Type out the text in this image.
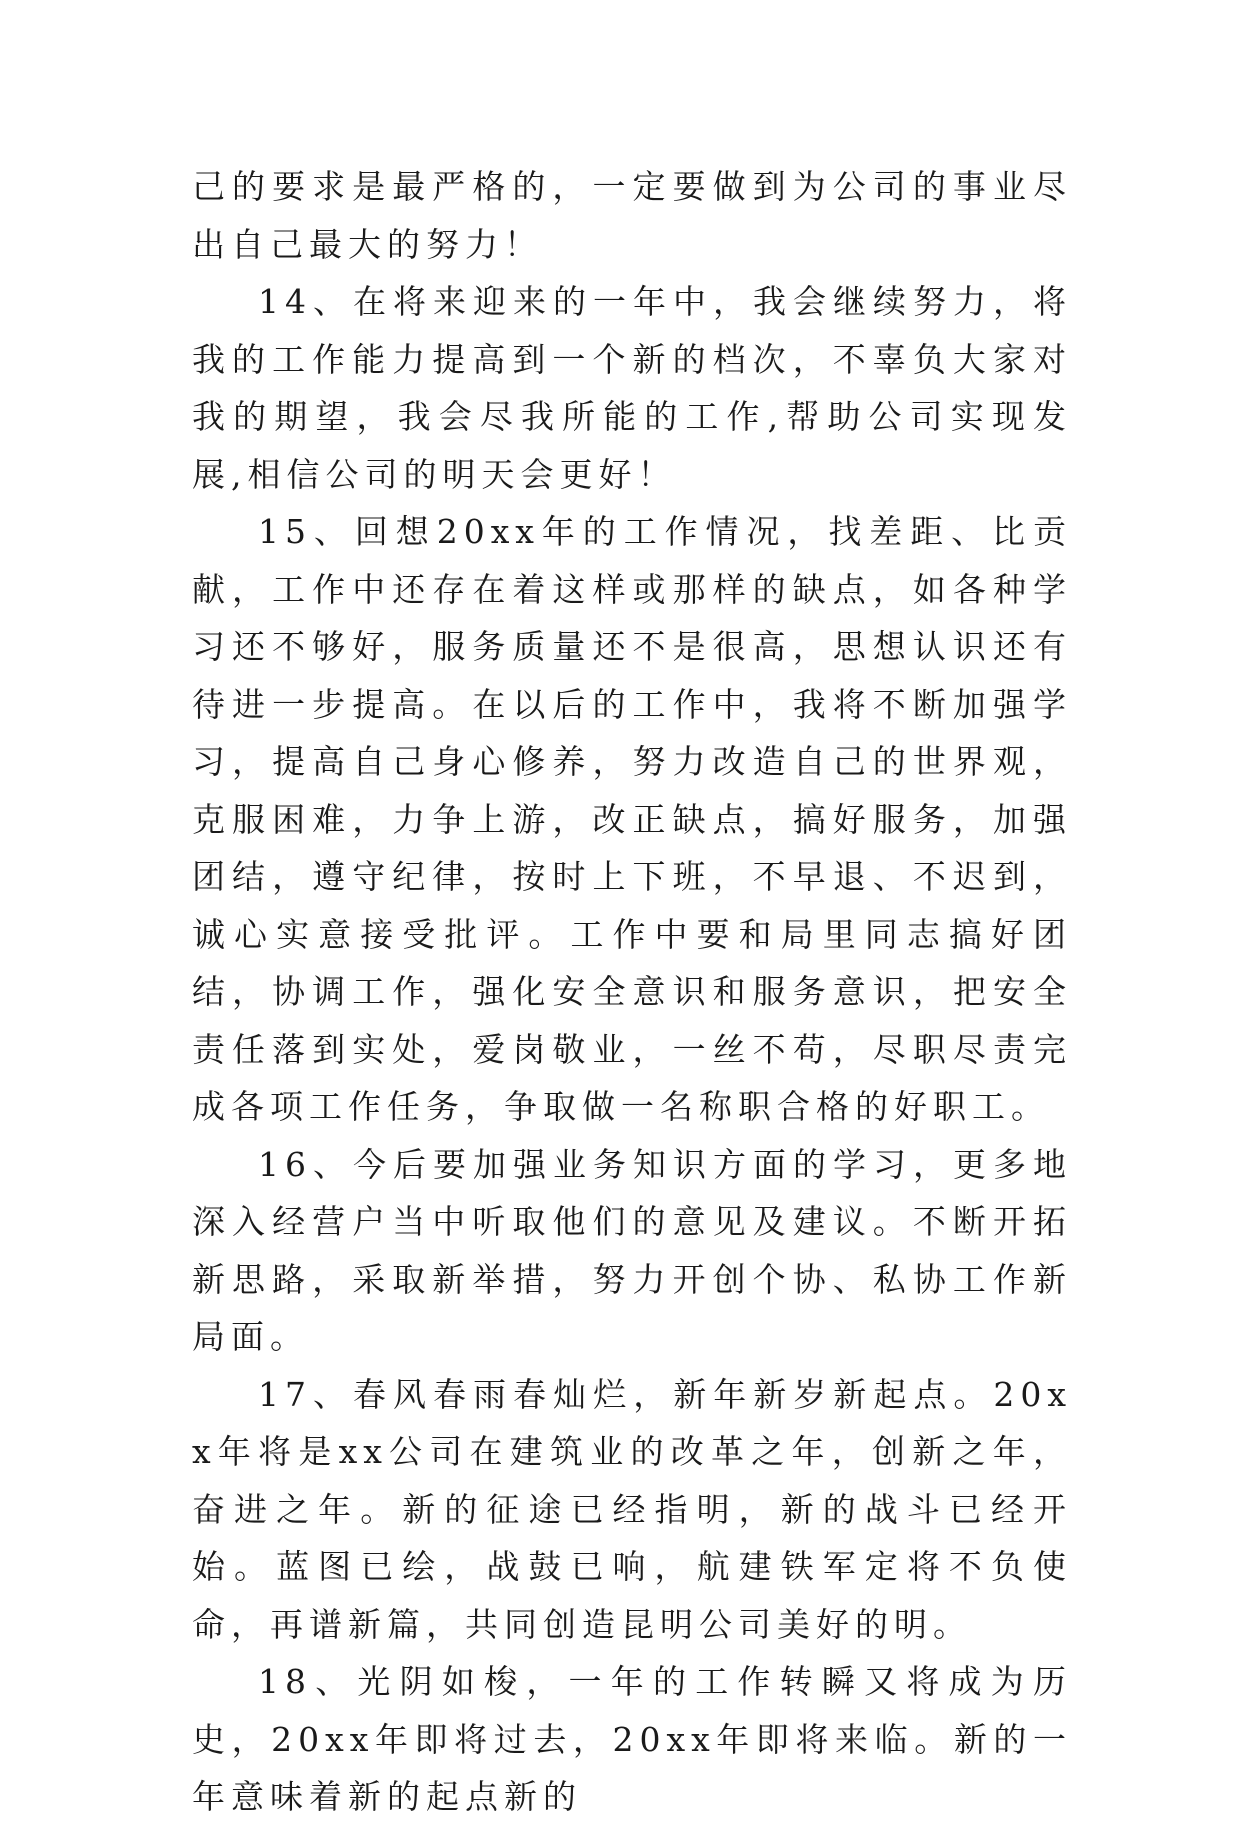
己的要求是最严格的，一定要做到为公司的事业尽出自己最大的努力！

14、在将来迎来的一年中，我会继续努力，将我的工作能力提高到一个新的档次，不辜负大家对我的期望，我会尽我所能的工作,帮助公司实现发展,相信公司的明天会更好！

15、回想20xx年的工作情况，找差距、比贡献，工作中还存在着这样或那样的缺点，如各种学习还不够好，服务质量还不是很高，思想认识还有待进一步提高。在以后的工作中，我将不断加强学习，提高自己身心修养，努力改造自己的世界观，克服困难，力争上游，改正缺点，搞好服务，加强团结，遵守纪律，按时上下班，不早退、不迟到，诚心实意接受批评。工作中要和局里同志搞好团结，协调工作，强化安全意识和服务意识，把安全责任落到实处，爱岗敬业，一丝不苟，尽职尽责完成各项工作任务，争取做一名称职合格的好职工。

16、今后要加强业务知识方面的学习，更多地深入经营户当中听取他们的意见及建议。不断开拓新思路，采取新举措，努力开创个协、私协工作新局面。

17、春风春雨春灿烂，新年新岁新起点。20xx年将是xx公司在建筑业的改革之年，创新之年，奋进之年。新的征途已经指明，新的战斗已经开始。蓝图已绘，战鼓已响，航建铁军定将不负使命，再谱新篇，共同创造昆明公司美好的明。

18、光阴如梭，一年的工作转瞬又将成为历史，20xx年即将过去，20xx年即将来临。新的一年意味着新的起点新的
